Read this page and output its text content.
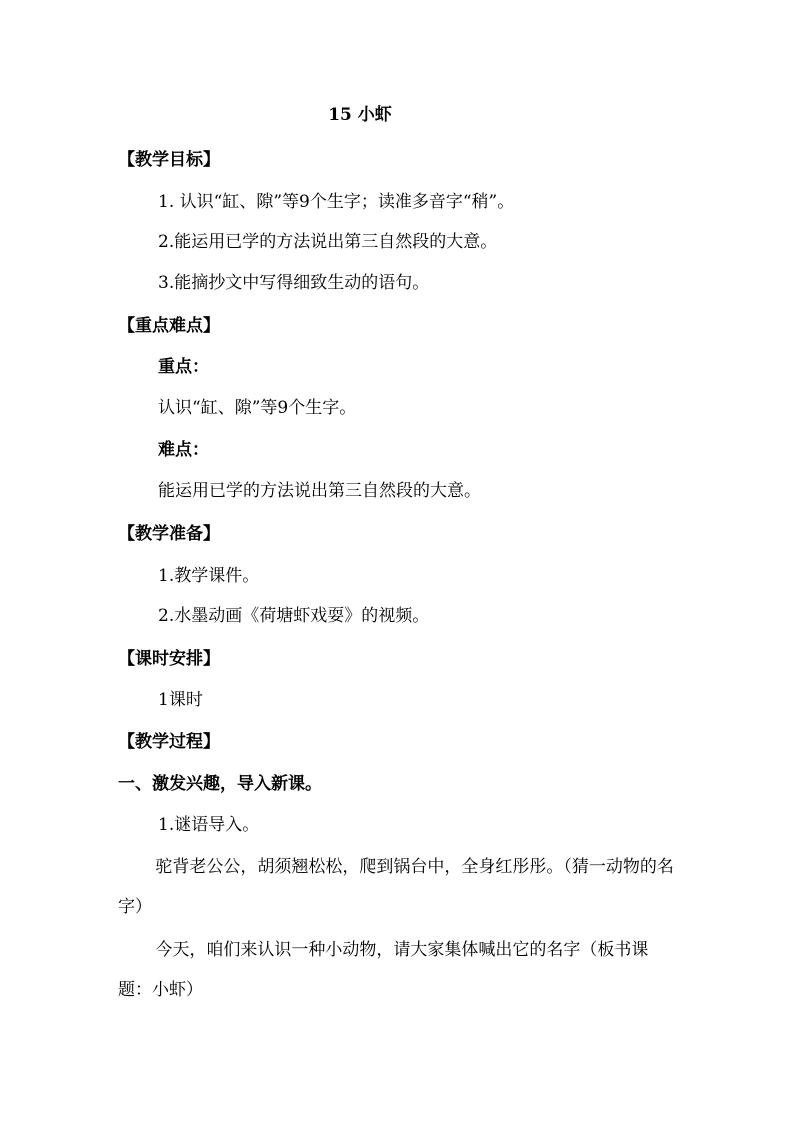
15 小虾
【教学目标】
1. 认识“缸、隙”等9个生字；读准多音字“稍”。
2.能运用已学的方法说出第三自然段的大意。
3.能摘抄文中写得细致生动的语句。
【重点难点】
重点：
认识“缸、隙”等9个生字。
难点：
能运用已学的方法说出第三自然段的大意。
【教学准备】
1.教学课件。
2.水墨动画《荷塘虾戏耍》的视频。
【课时安排】
1课时
【教学过程】
一、激发兴趣，导入新课。
1.谜语导入。
驼背老公公，胡须翘松松，爬到锅台中，全身红彤彤。（猜一动物的名字）
今天，咱们来认识一种小动物，请大家集体喊出它的名字（板书课题：小虾）
